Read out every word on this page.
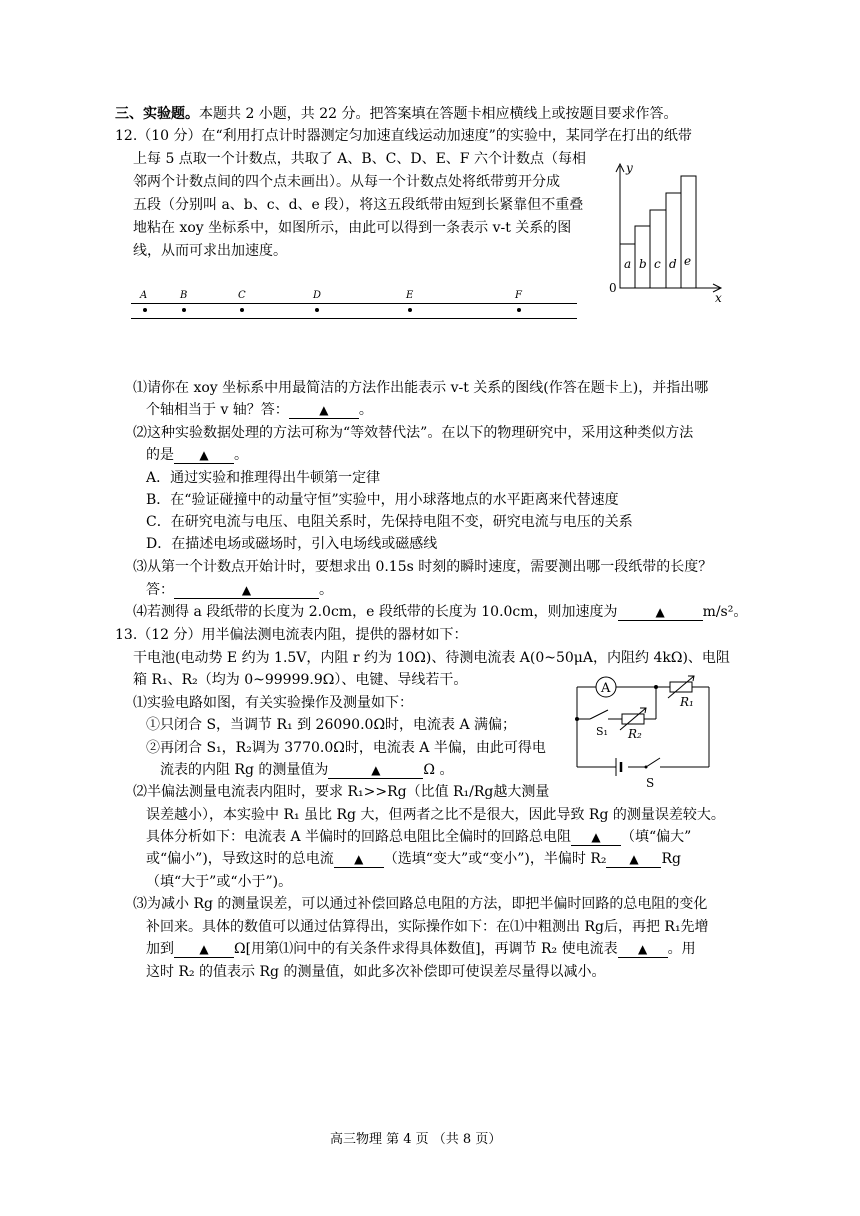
三、实验题。本题共 2 小题，共 22 分。把答案填在答题卡相应横线上或按题目要求作答。
12.（10 分）在“利用打点计时器测定匀加速直线运动加速度”的实验中，某同学在打出的纸带
上每 5 点取一个计数点，共取了 A、B、C、D、E、F 六个计数点（每相
邻两个计数点间的四个点未画出）。从每一个计数点处将纸带剪开分成
五段（分别叫 a、b、c、d、e 段），将这五段纸带由短到长紧靠但不重叠
地粘在 xoy 坐标系中，如图所示，由此可以得到一条表示 v-t 关系的图
线，从而可求出加速度。
y
x
0
a b c d e
A	B	C	D	E	F
⑴请你在 xoy 坐标系中用最简洁的方法作出能表示 v-t 关系的图线(作答在题卡上)，并指出哪
个轴相当于 v 轴？答：	▲ 。
⑵这种实验数据处理的方法可称为“等效替代法”。在以下的物理研究中，采用这种类似方法
的是 ▲ 。
A．通过实验和推理得出牛顿第一定律
B．在“验证碰撞中的动量守恒”实验中，用小球落地点的水平距离来代替速度
C．在研究电流与电压、电阻关系时，先保持电阻不变，研究电流与电压的关系
D．在描述电场或磁场时，引入电场线或磁感线
⑶从第一个计数点开始计时，要想求出 0.15s 时刻的瞬时速度，需要测出哪一段纸带的长度？
答：	▲	。
⑷若测得 a 段纸带的长度为 2.0cm，e 段纸带的长度为 10.0cm，则加速度为	▲	m/s²。
13.（12 分）用半偏法测电流表内阻，提供的器材如下：
干电池(电动势 E 约为 1.5V，内阻 r 约为 10Ω)、待测电流表 A(0~50μA，内阻约 4kΩ)、电阻
箱 R₁、R₂（均为 0~99999.9Ω）、电键、导线若干。
⑴实验电路如图，有关实验操作及测量如下：
①只闭合 S，当调节 R₁ 到 26090.0Ω时，电流表 A 满偏；
②再闭合 S₁，R₂调为 3770.0Ω时，电流表 A 半偏，由此可得电
流表的内阻 Rg 的测量值为	▲	Ω 。
A
R₁
S₁ R₂
S
⑵半偏法测量电流表内阻时，要求 R₁>>Rg（比值 R₁/Rg越大测量
误差越小），本实验中 R₁ 虽比 Rg 大，但两者之比不是很大，因此导致 Rg 的测量误差较大。
具体分析如下：电流表 A 半偏时的回路总电阻比全偏时的回路总电阻 ▲ （填“偏大”
或“偏小”)，导致这时的总电流 ▲ （选填“变大”或“变小”)，半偏时 R₂ ▲ Rg
（填“大于”或“小于”)。
⑶为减小 Rg 的测量误差，可以通过补偿回路总电阻的方法，即把半偏时回路的总电阻的变化
补回来。具体的数值可以通过估算得出，实际操作如下：在⑴中粗测出 Rg后，再把 R₁先增
加到 ▲ Ω[用第⑴问中的有关条件求得具体数值]，再调节 R₂ 使电流表 ▲ 。用
这时 R₂ 的值表示 Rg 的测量值，如此多次补偿即可使误差尽量得以减小。
高三物理 第 4 页 （共 8 页）
